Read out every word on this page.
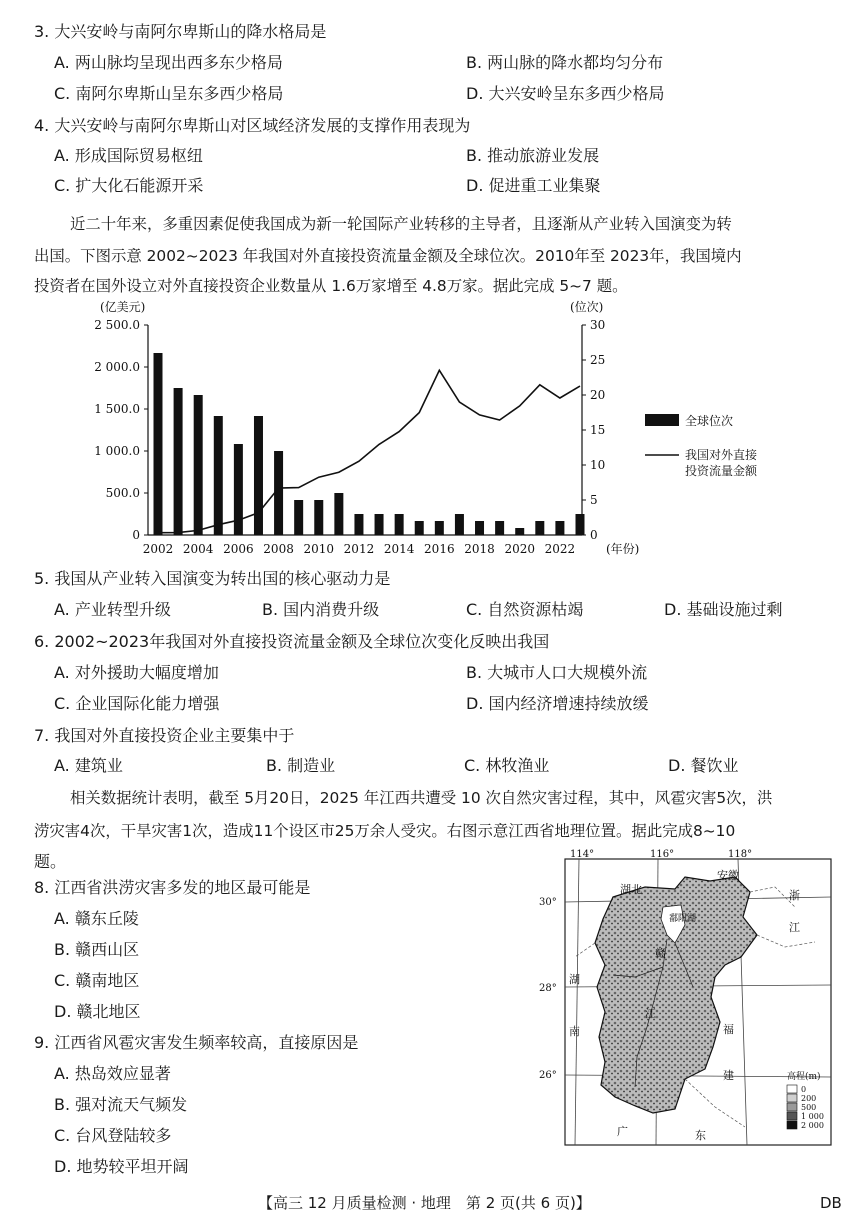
3. 大兴安岭与南阿尔卑斯山的降水格局是
A. 两山脉均呈现出西多东少格局	B. 两山脉的降水都均匀分布
C. 南阿尔卑斯山呈东多西少格局	D. 大兴安岭呈东多西少格局
4. 大兴安岭与南阿尔卑斯山对区域经济发展的支撑作用表现为
A. 形成国际贸易枢纽	B. 推动旅游业发展
C. 扩大化石能源开采	D. 促进重工业集聚
近二十年来，多重因素促使我国成为新一轮国际产业转移的主导者，且逐渐从产业转入国演变为转
出国。下图示意 2002~2023 年我国对外直接投资流量金额及全球位次。2010年至 2023年，我国境内
投资者在国外设立对外直接投资企业数量从 1.6万家增至 4.8万家。据此完成 5~7 题。
(亿美元)	(位次)
2 500.0
2 000.0
1 500.0
1 000.0
500.0
0
30
25
20
15
10
5
0
2002 2004 2006 2008 2010 2012 2014 2016 2018 2020 2022	(年份)
全球位次
我国对外直接
投资流量金额
5. 我国从产业转入国演变为转出国的核心驱动力是
A. 产业转型升级	B. 国内消费升级	C. 自然资源枯竭	D. 基础设施过剩
6. 2002~2023年我国对外直接投资流量金额及全球位次变化反映出我国
A. 对外援助大幅度增加	B. 大城市人口大规模外流
C. 企业国际化能力增强	D. 国内经济增速持续放缓
7. 我国对外直接投资企业主要集中于
A. 建筑业	B. 制造业	C. 林牧渔业	D. 餐饮业
相关数据统计表明，截至 5月20日，2025 年江西共遭受 10 次自然灾害过程，其中，风雹灾害5次，洪
涝灾害4次，干旱灾害1次，造成11个设区市25万余人受灾。右图示意江西省地理位置。据此完成8~10
题。
8. 江西省洪涝灾害多发的地区最可能是
A. 赣东丘陵
B. 赣西山区
C. 赣南地区
D. 赣北地区
9. 江西省风雹灾害发生频率较高，直接原因是
A. 热岛效应显著
B. 强对流天气频发
C. 台风登陆较多
D. 地势较平坦开阔
114°	116°	118°
30°
28°
26°
湖北
安徽
浙
江
鄱阳湖
赣
湖
南
江
福
建
广	东
高程(m)
0
200
500
1 000
2 000
【高三 12 月质量检测 · 地理　第 2 页(共 6 页)】	DB
